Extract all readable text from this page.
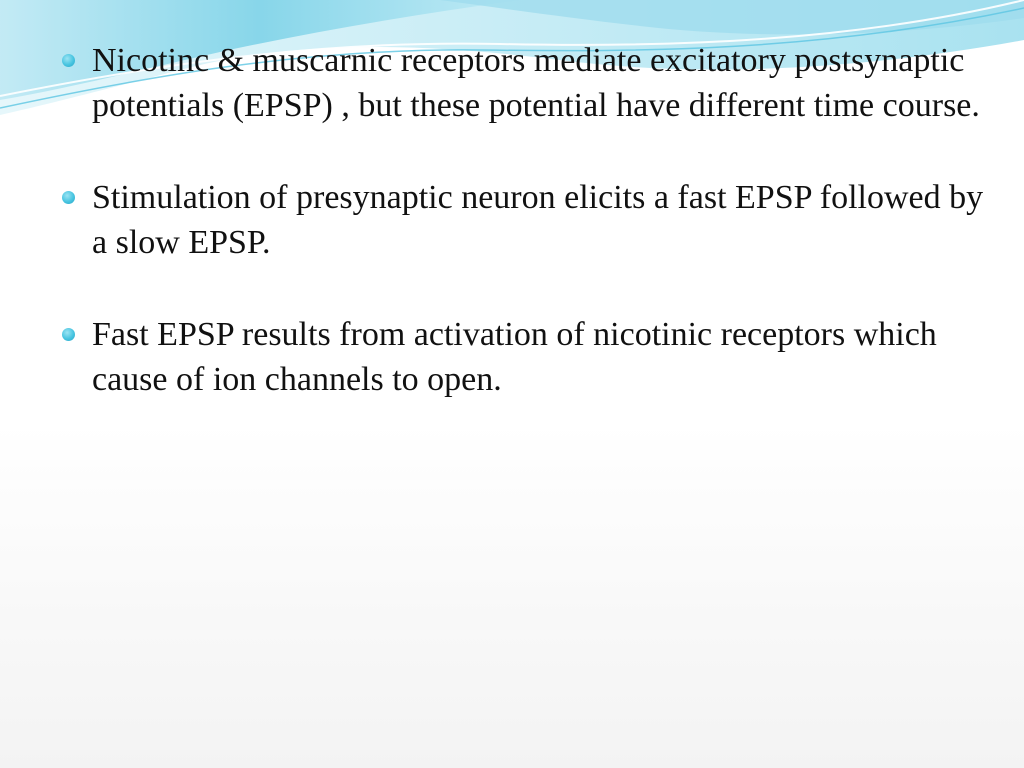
Nicotinc & muscarnic receptors mediate excitatory postsynaptic potentials (EPSP) , but these potential have different time course.
Stimulation of presynaptic neuron elicits a fast EPSP followed by a slow EPSP.
Fast EPSP results from activation of nicotinic receptors which cause of ion channels to open.
